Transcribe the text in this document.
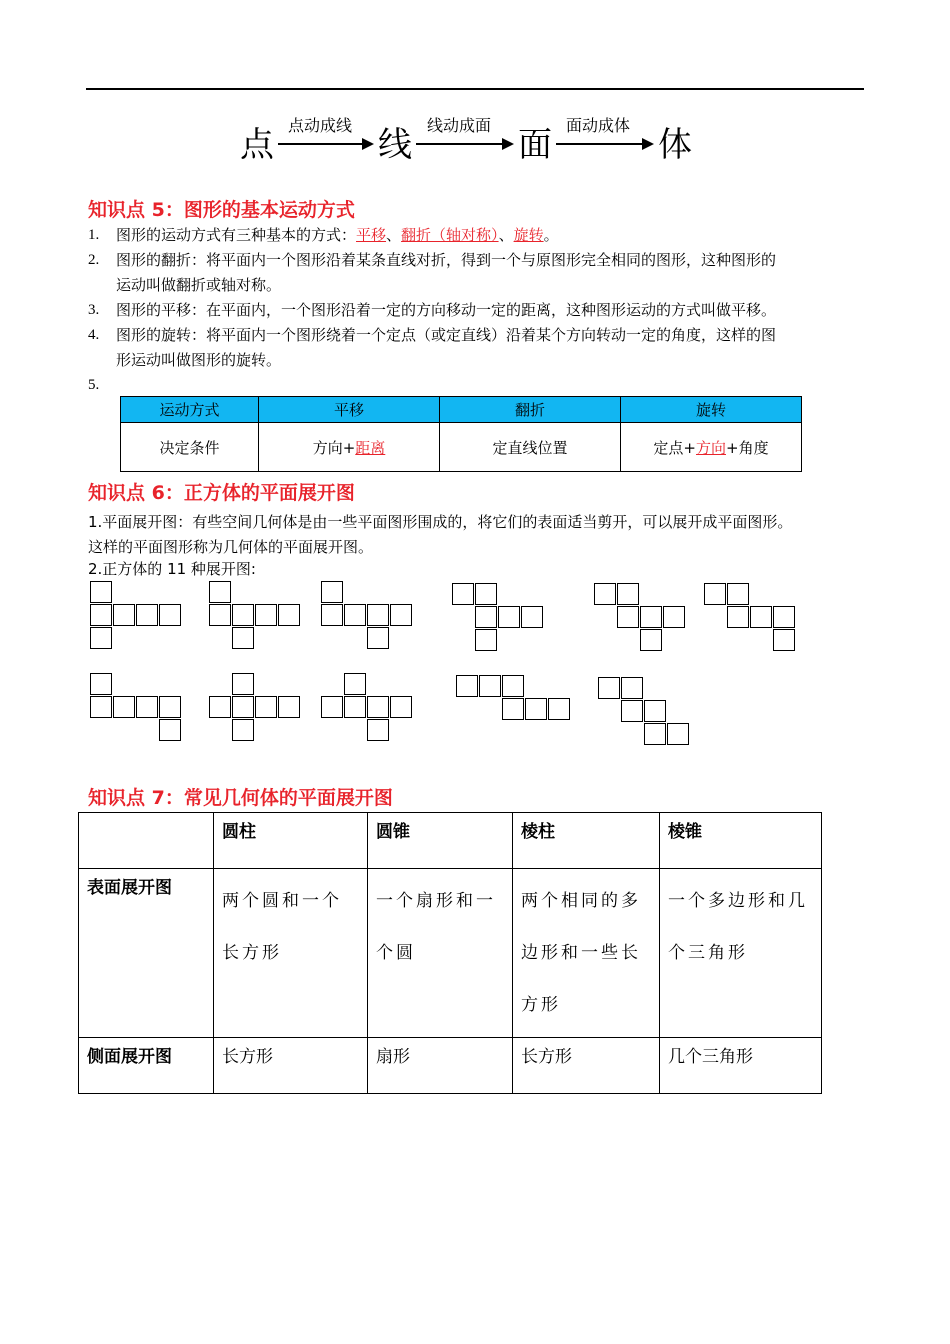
点 点动成线 线 线动成面 面 面动成体 体
知识点 5：图形的基本运动方式
1. 图形的运动方式有三种基本的方式：平移、翻折（轴对称）、旋转。
2. 图形的翻折：将平面内一个图形沿着某条直线对折，得到一个与原图形完全相同的图形，这种图形的
运动叫做翻折或轴对称。
3. 图形的平移：在平面内，一个图形沿着一定的方向移动一定的距离，这种图形运动的方式叫做平移。
4. 图形的旋转：将平面内一个图形绕着一个定点（或定直线）沿着某个方向转动一定的角度，这样的图
形运动叫做图形的旋转。
5.
运动方式	平移	翻折	旋转
决定条件	方向+距离	定直线位置	定点+方向+角度
知识点 6：正方体的平面展开图
1.平面展开图：有些空间几何体是由一些平面图形围成的，将它们的表面适当剪开，可以展开成平面图形。
这样的平面图形称为几何体的平面展开图。
2.正方体的 11 种展开图:
知识点 7：常见几何体的平面展开图
	圆柱	圆锥	棱柱	棱锥
表面展开图	两个圆和一个长方形	一个扇形和一个圆	两个相同的多边形和一些长方形	一个多边形和几个三角形
侧面展开图	长方形	扇形	长方形	几个三角形
